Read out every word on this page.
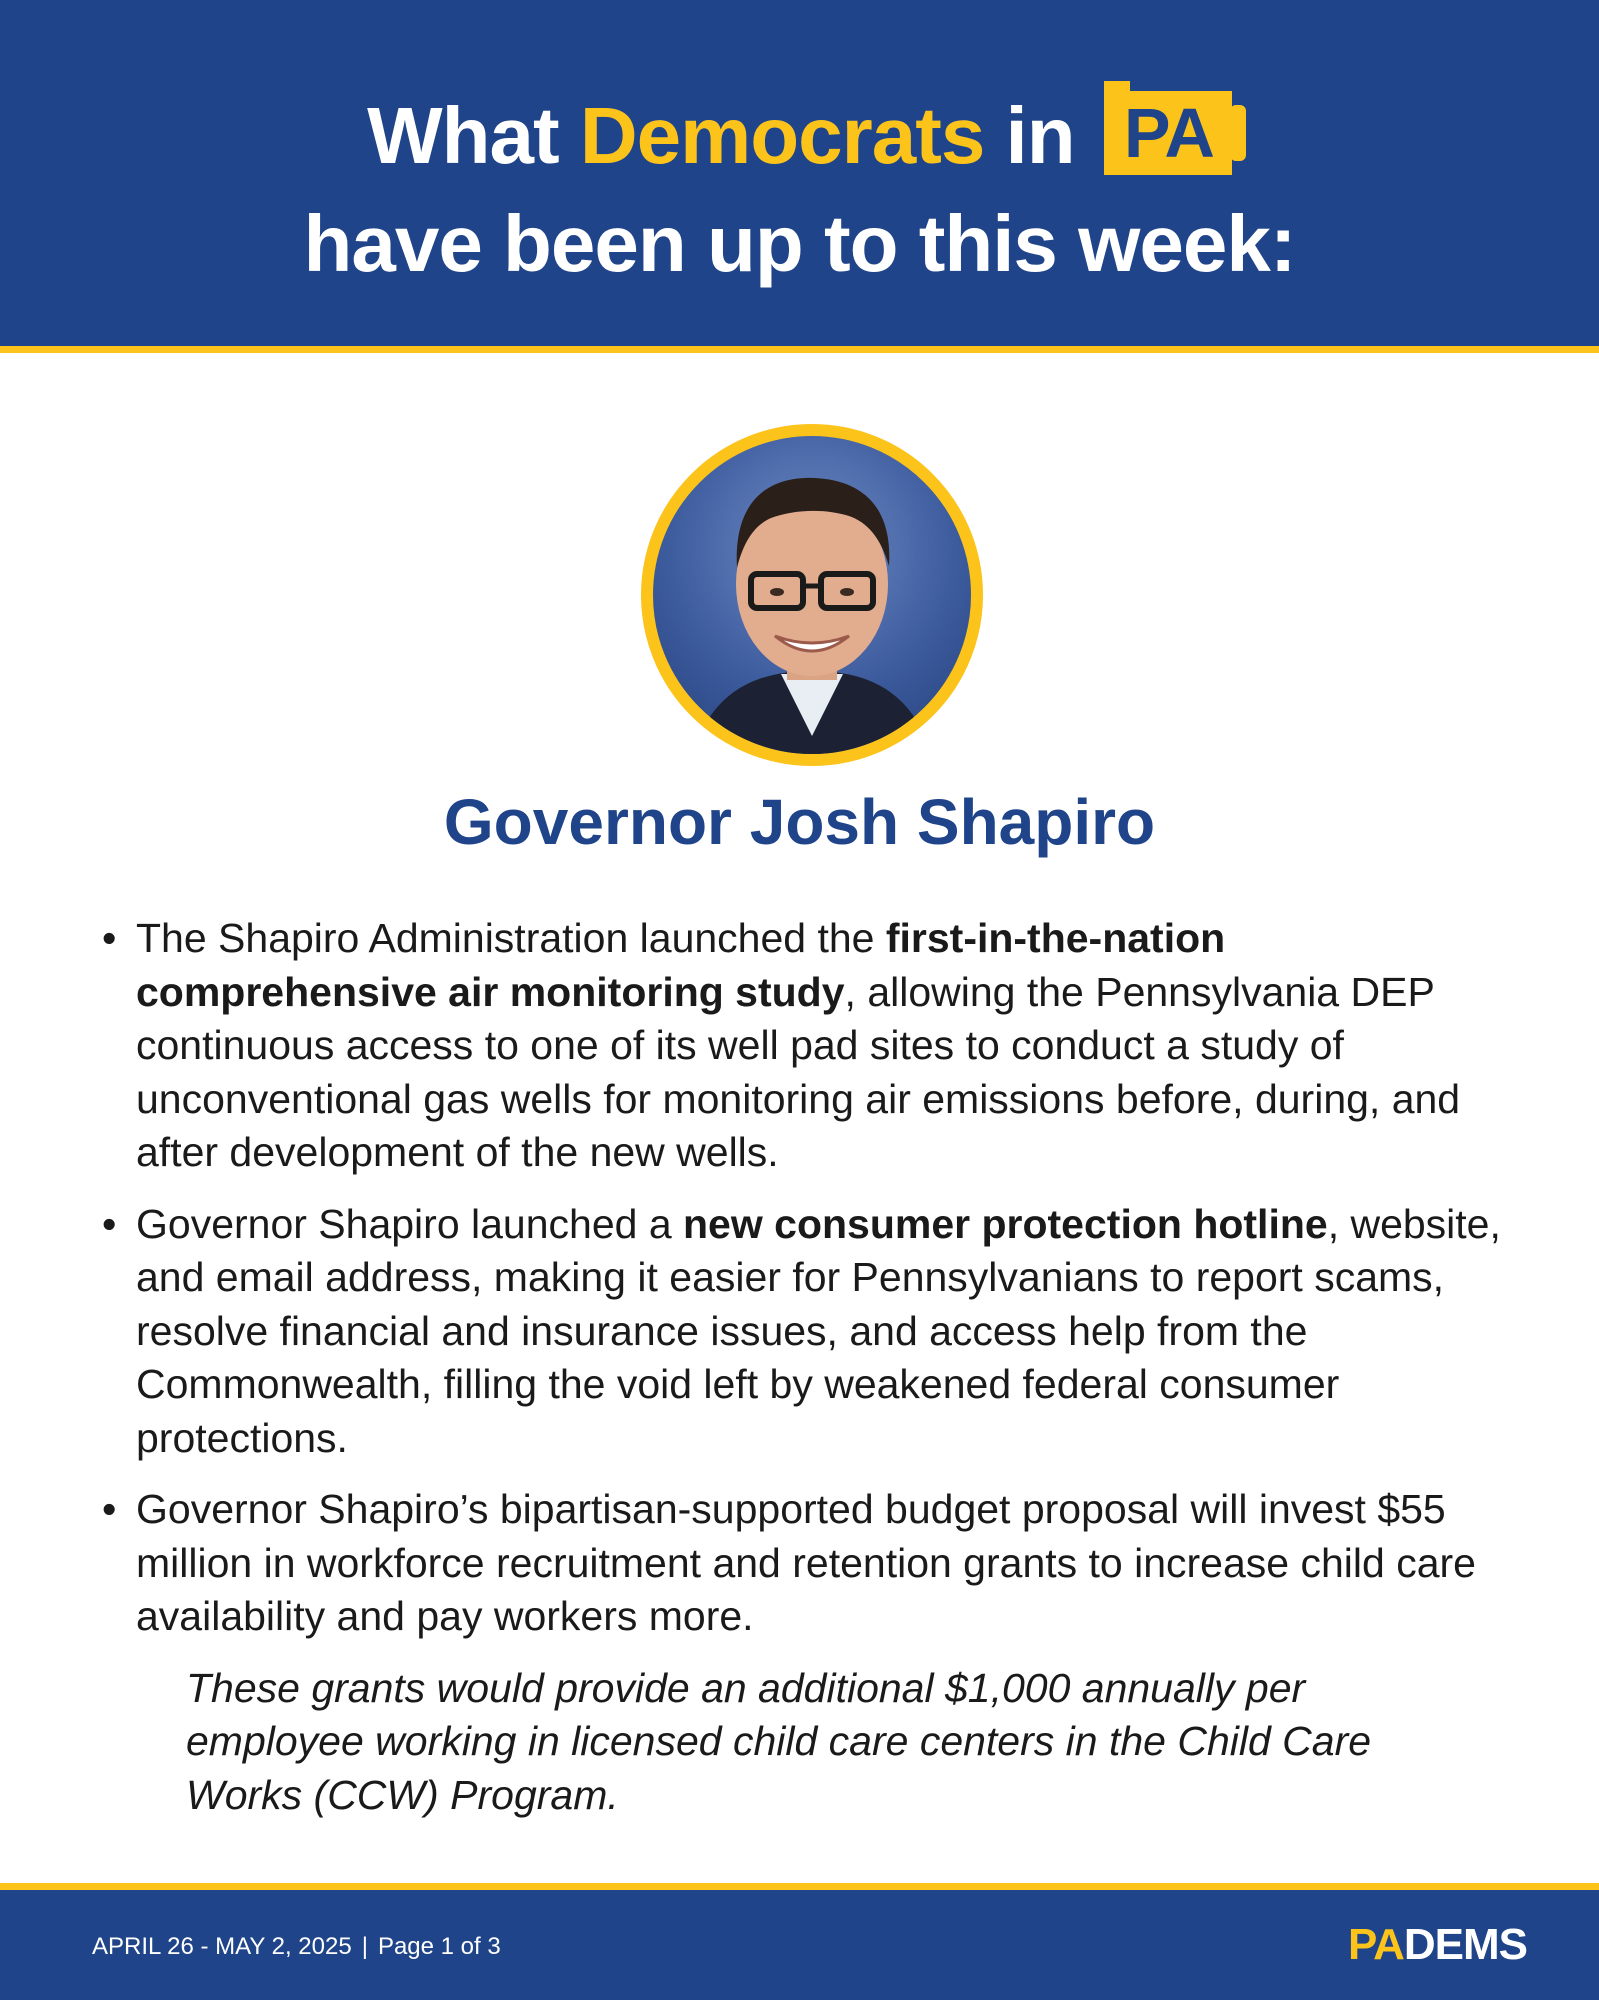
What Democrats in PA
have been up to this week:
Governor Josh Shapiro

• The Shapiro Administration launched the first-in-the-nation comprehensive air monitoring study, allowing the Pennsylvania DEP continuous access to one of its well pad sites to conduct a study of unconventional gas wells for monitoring air emissions before, during, and after development of the new wells.

• Governor Shapiro launched a new consumer protection hotline, website, and email address, making it easier for Pennsylvanians to report scams, resolve financial and insurance issues, and access help from the Commonwealth, filling the void left by weakened federal consumer protections.

• Governor Shapiro’s bipartisan-supported budget proposal will invest $55 million in workforce recruitment and retention grants to increase child care availability and pay workers more.

These grants would provide an additional $1,000 annually per employee working in licensed child care centers in the Child Care Works (CCW) Program.

APRIL 26 - MAY 2, 2025 | Page 1 of 3	PADEMS
